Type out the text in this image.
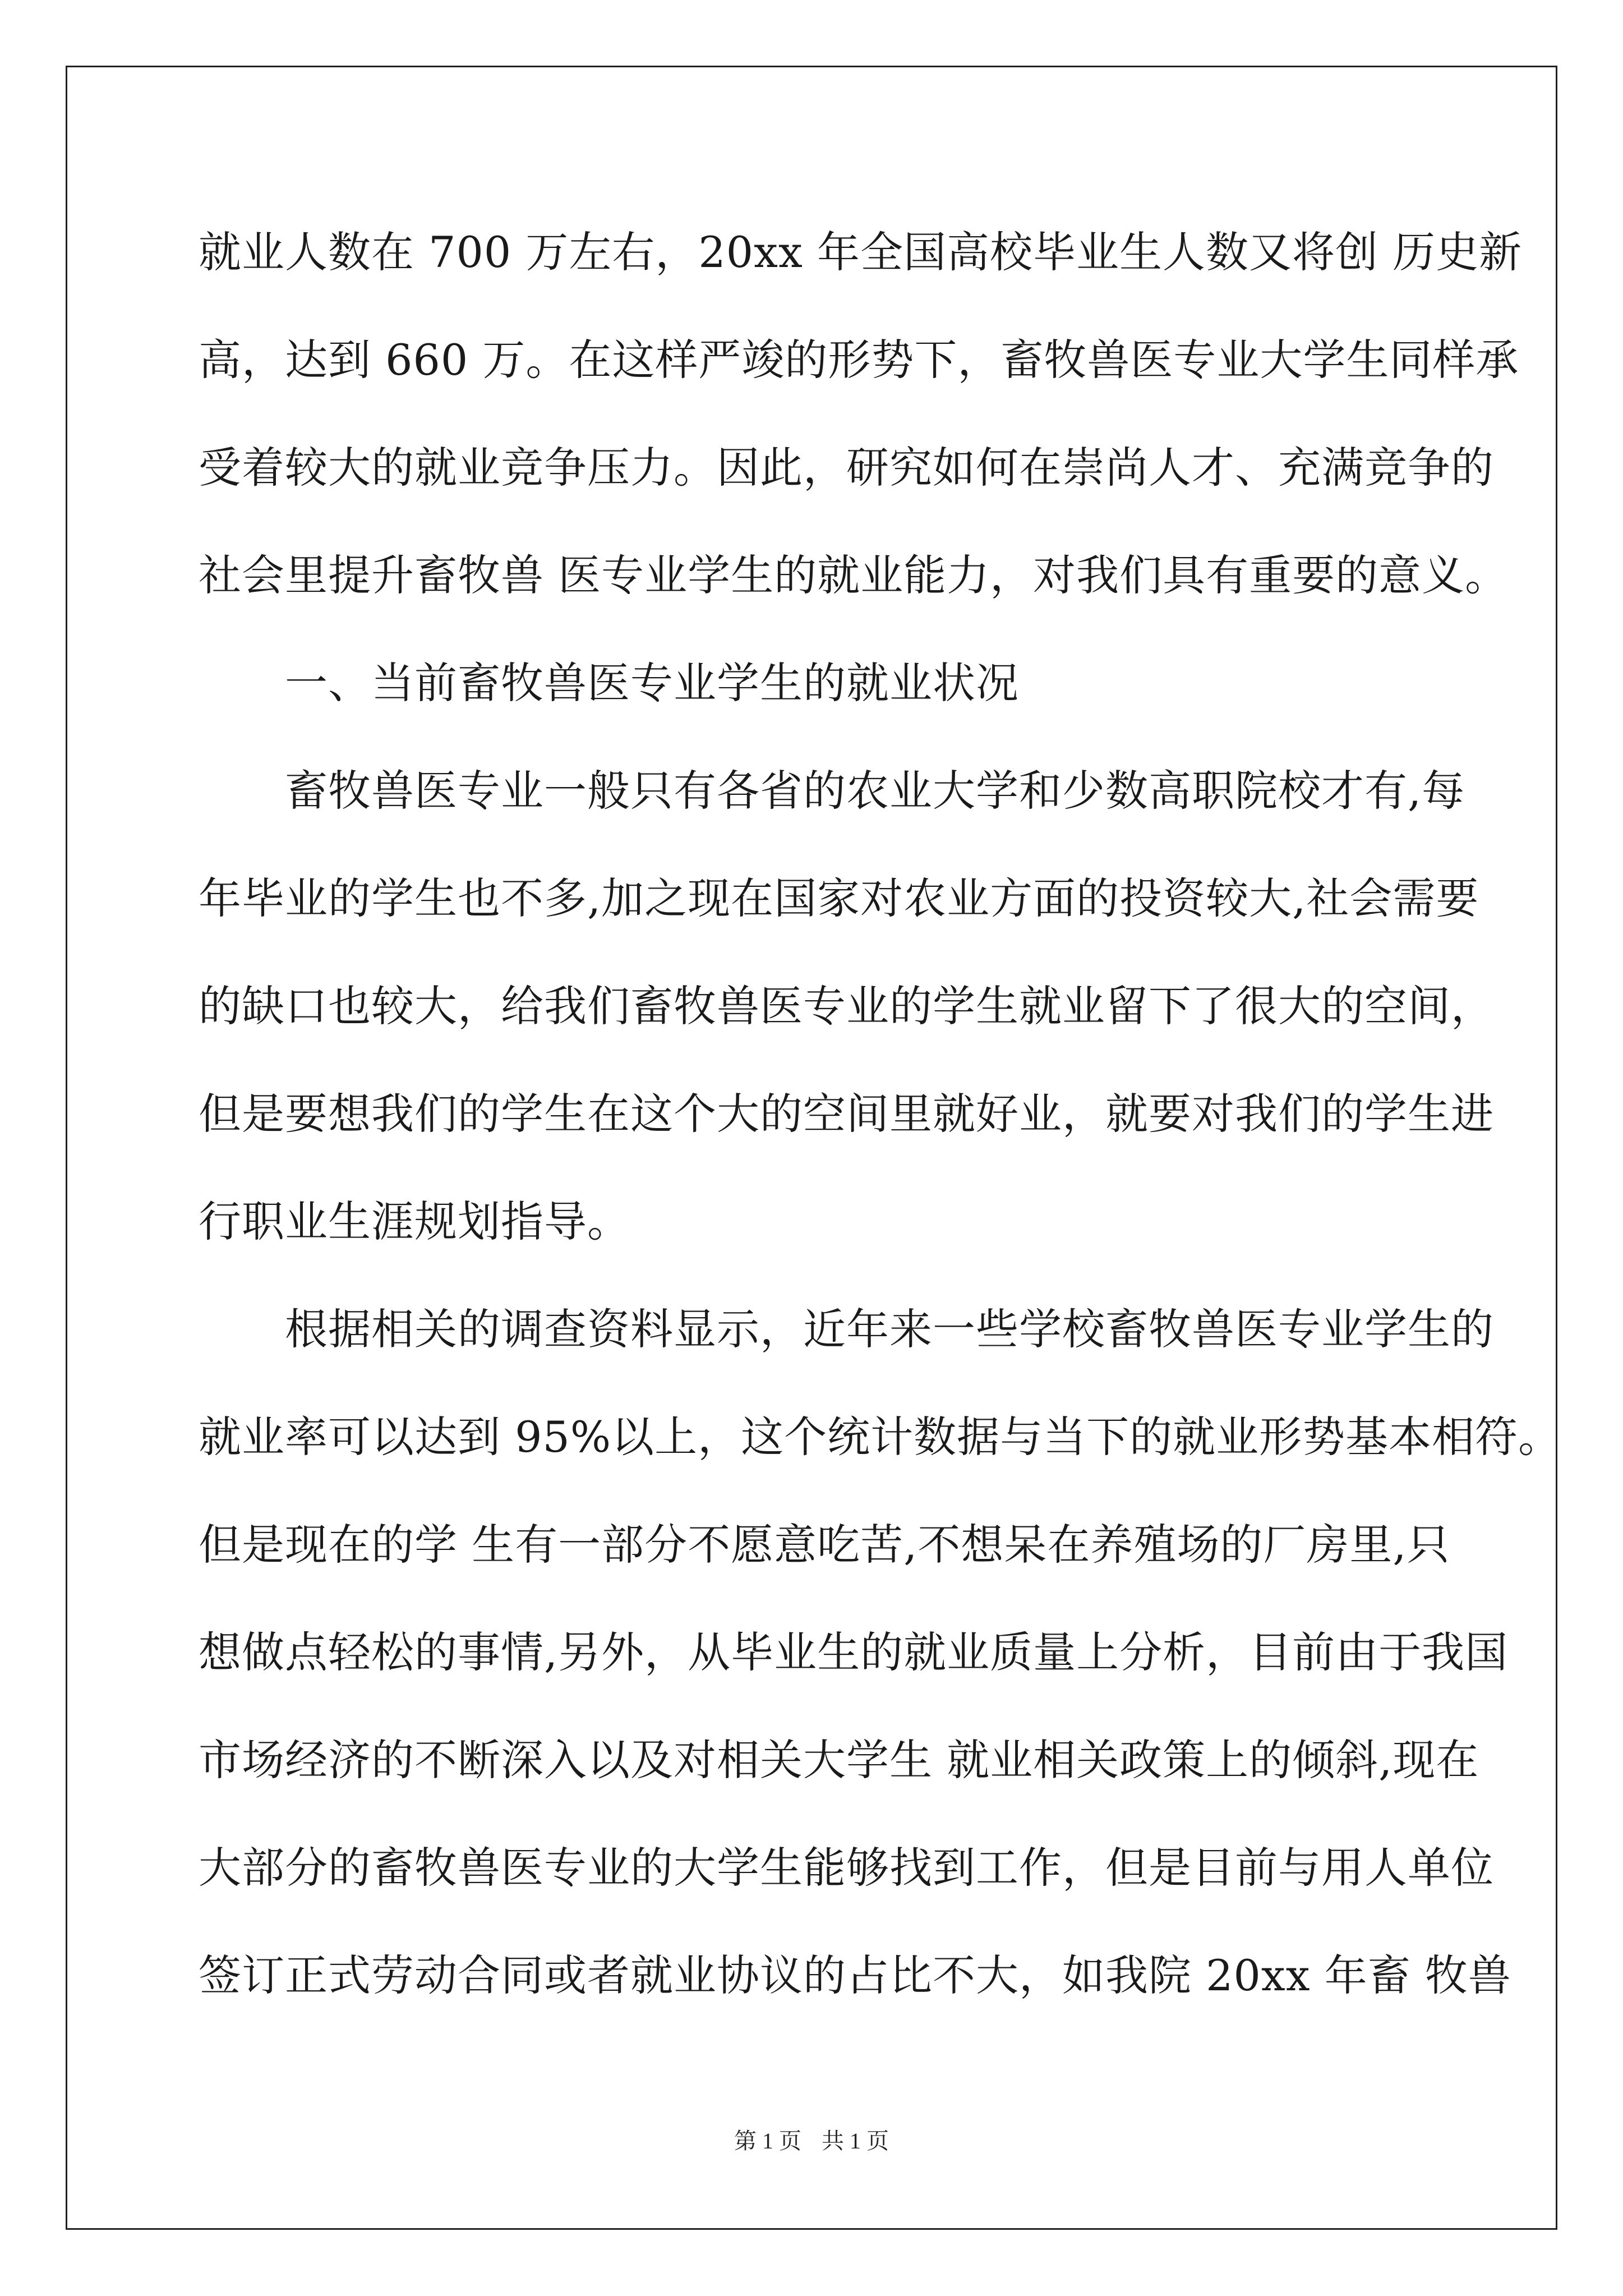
就业人数在 700 万左右，20xx 年全国高校毕业生人数又将创 历史新
高，达到 660 万。在这样严竣的形势下，畜牧兽医专业大学生同样承
受着较大的就业竞争压力。因此，研究如何在崇尚人才、充满竞争的
社会里提升畜牧兽 医专业学生的就业能力，对我们具有重要的意义。
　　一、当前畜牧兽医专业学生的就业状况
　　畜牧兽医专业一般只有各省的农业大学和少数高职院校才有,每
年毕业的学生也不多,加之现在国家对农业方面的投资较大,社会需要
的缺口也较大，给我们畜牧兽医专业的学生就业留下了很大的空间，
但是要想我们的学生在这个大的空间里就好业，就要对我们的学生进
行职业生涯规划指导。
　　根据相关的调查资料显示，近年来一些学校畜牧兽医专业学生的
就业率可以达到 95%以上，这个统计数据与当下的就业形势基本相符。
但是现在的学 生有一部分不愿意吃苦,不想呆在养殖场的厂房里,只
想做点轻松的事情,另外，从毕业生的就业质量上分析，目前由于我国
市场经济的不断深入以及对相关大学生 就业相关政策上的倾斜,现在
大部分的畜牧兽医专业的大学生能够找到工作，但是目前与用人单位
签订正式劳动合同或者就业协议的占比不大，如我院 20xx 年畜 牧兽
第 1 页 共 1 页
